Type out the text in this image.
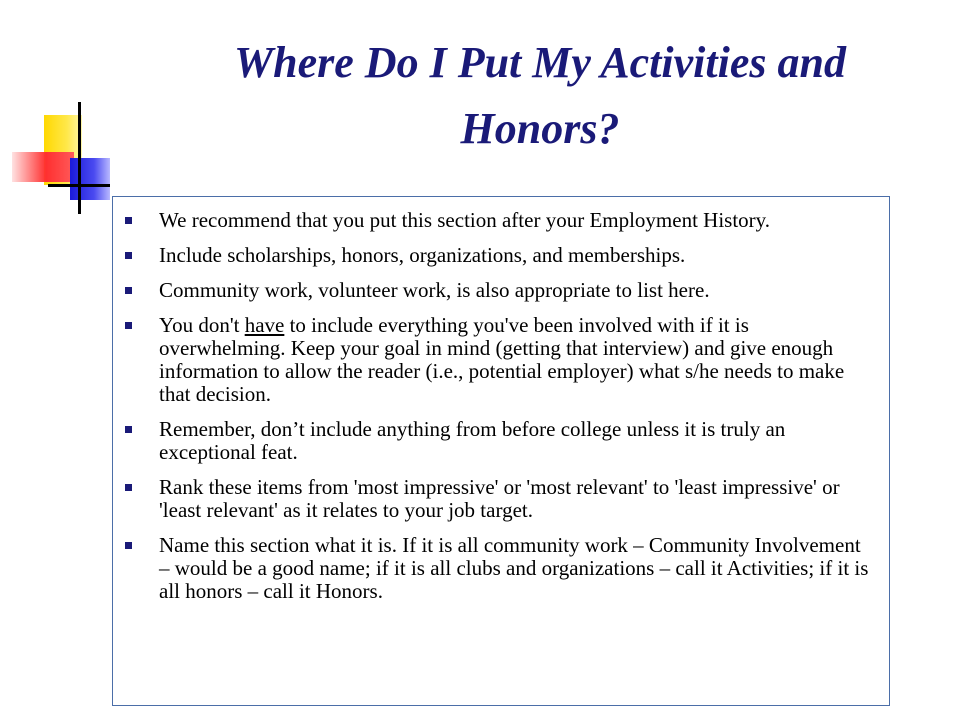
Where Do I Put My Activities and Honors?
We recommend that you put this section after your Employment History.
Include scholarships, honors, organizations, and memberships.
Community work, volunteer work, is also appropriate to list here.
You don't have to include everything you've been involved with if it is overwhelming. Keep your goal in mind (getting that interview) and give enough information to allow the reader (i.e., potential employer) what s/he needs to make that decision.
Remember, don’t include anything from before college unless it is truly an exceptional feat.
Rank these items from 'most impressive' or 'most relevant' to 'least impressive' or 'least relevant' as it relates to your job target.
Name this section what it is. If it is all community work – Community Involvement – would be a good name; if it is all clubs and organizations – call it Activities; if it is all honors – call it Honors.
